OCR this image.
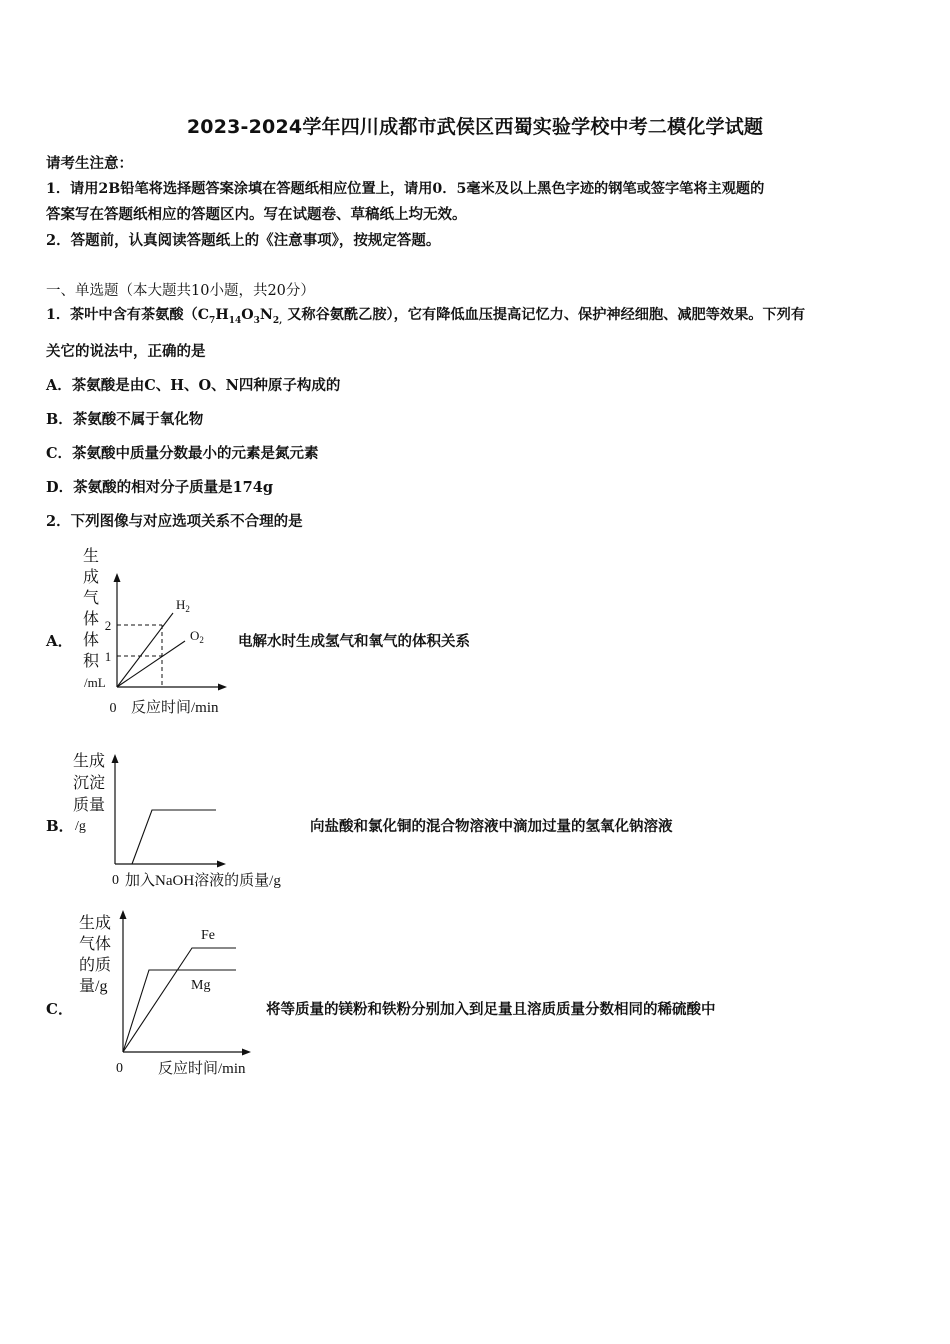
2023-2024学年四川成都市武侯区西蜀实验学校中考二模化学试题
请考生注意：
1．请用2B铅笔将选择题答案涂填在答题纸相应位置上，请用0．5毫米及以上黑色字迹的钢笔或签字笔将主观题的
答案写在答题纸相应的答题区内。写在试题卷、草稿纸上均无效。
2．答题前，认真阅读答题纸上的《注意事项》，按规定答题。
一、单选题（本大题共10小题，共20分）
1．茶叶中含有茶氨酸（$C_7H_{14}O_3N_{2,}$ 又称谷氨酰乙胺），它有降低血压提高记忆力、保护神经细胞、减肥等效果。下列有
关它的说法中，正确的是
A．茶氨酸是由C、H、O、N四种原子构成的
B．茶氨酸不属于氧化物
C．茶氨酸中质量分数最小的元素是氮元素
D．茶氨酸的相对分子质量是174g
2．下列图像与对应选项关系不合理的是
A．	电解水时生成氢气和氧气的体积关系
生
成
气
体
体
积
/mL
2
1
$H_2$
$O_2$
0 反应时间/min
B．	向盐酸和氯化铜的混合物溶液中滴加过量的氢氧化钠溶液
生成
沉淀
质量
/g
0 加入NaOH溶液的质量/g
C．	将等质量的镁粉和铁粉分别加入到足量且溶质质量分数相同的稀硫酸中
生成
气体
的质
量/g
Fe
Mg
0 反应时间/min
